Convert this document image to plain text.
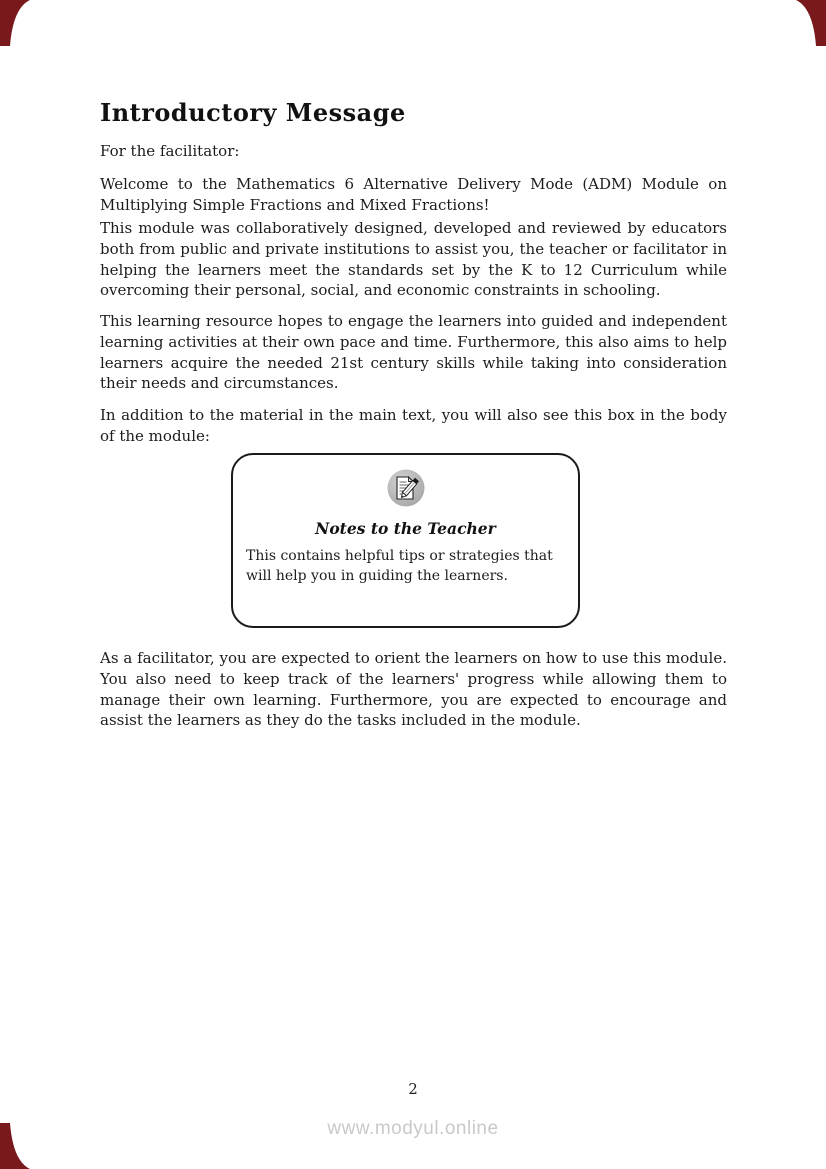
Introductory Message

For the facilitator:

Welcome to the Mathematics 6 Alternative Delivery Mode (ADM) Module on Multiplying Simple Fractions and Mixed Fractions!

This module was collaboratively designed, developed and reviewed by educators both from public and private institutions to assist you, the teacher or facilitator in helping the learners meet the standards set by the K to 12 Curriculum while overcoming their personal, social, and economic constraints in schooling.

This learning resource hopes to engage the learners into guided and independent learning activities at their own pace and time. Furthermore, this also aims to help learners acquire the needed 21st century skills while taking into consideration their needs and circumstances.

In addition to the material in the main text, you will also see this box in the body of the module:

Notes to the Teacher
This contains helpful tips or strategies that will help you in guiding the learners.

As a facilitator, you are expected to orient the learners on how to use this module. You also need to keep track of the learners' progress while allowing them to manage their own learning. Furthermore, you are expected to encourage and assist the learners as they do the tasks included in the module.

2
www.modyul.online
